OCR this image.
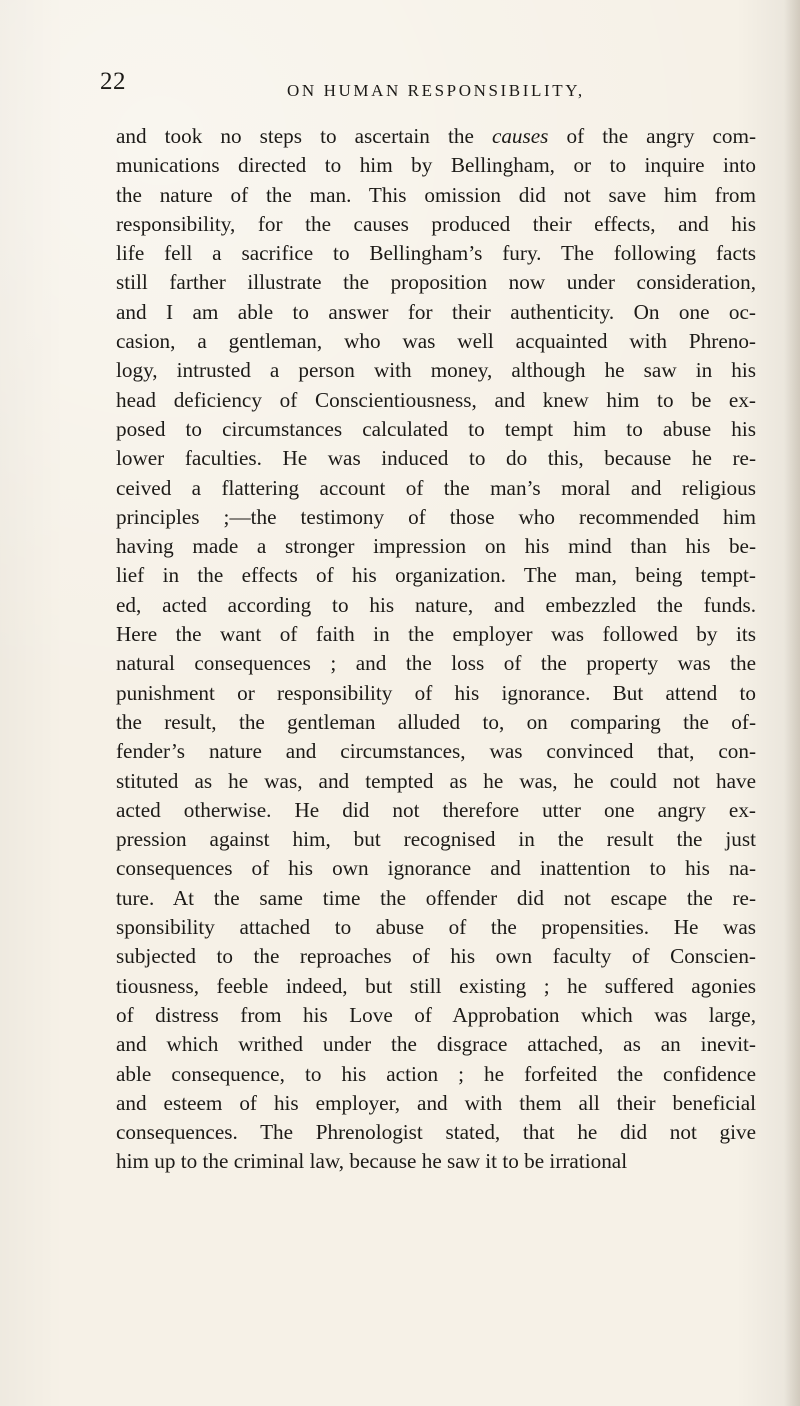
22	ON HUMAN RESPONSIBILITY,
and took no steps to ascertain the causes of the angry com-
munications directed to him by Bellingham, or to inquire into
the nature of the man. This omission did not save him from
responsibility, for the causes produced their effects, and his
life fell a sacrifice to Bellingham’s fury. The following facts
still farther illustrate the proposition now under consideration,
and I am able to answer for their authenticity. On one oc-
casion, a gentleman, who was well acquainted with Phreno-
logy, intrusted a person with money, although he saw in his
head deficiency of Conscientiousness, and knew him to be ex-
posed to circumstances calculated to tempt him to abuse his
lower faculties. He was induced to do this, because he re-
ceived a flattering account of the man’s moral and religious
principles ;—the testimony of those who recommended him
having made a stronger impression on his mind than his be-
lief in the effects of his organization. The man, being tempt-
ed, acted according to his nature, and embezzled the funds.
Here the want of faith in the employer was followed by its
natural consequences ; and the loss of the property was the
punishment or responsibility of his ignorance. But attend to
the result, the gentleman alluded to, on comparing the of-
fender’s nature and circumstances, was convinced that, con-
stituted as he was, and tempted as he was, he could not have
acted otherwise. He did not therefore utter one angry ex-
pression against him, but recognised in the result the just
consequences of his own ignorance and inattention to his na-
ture. At the same time the offender did not escape the re-
sponsibility attached to abuse of the propensities. He was
subjected to the reproaches of his own faculty of Conscien-
tiousness, feeble indeed, but still existing ; he suffered agonies
of distress from his Love of Approbation which was large,
and which writhed under the disgrace attached, as an inevit-
able consequence, to his action ; he forfeited the confidence
and esteem of his employer, and with them all their beneficial
consequences. The Phrenologist stated, that he did not give
him up to the criminal law, because he saw it to be irrational
